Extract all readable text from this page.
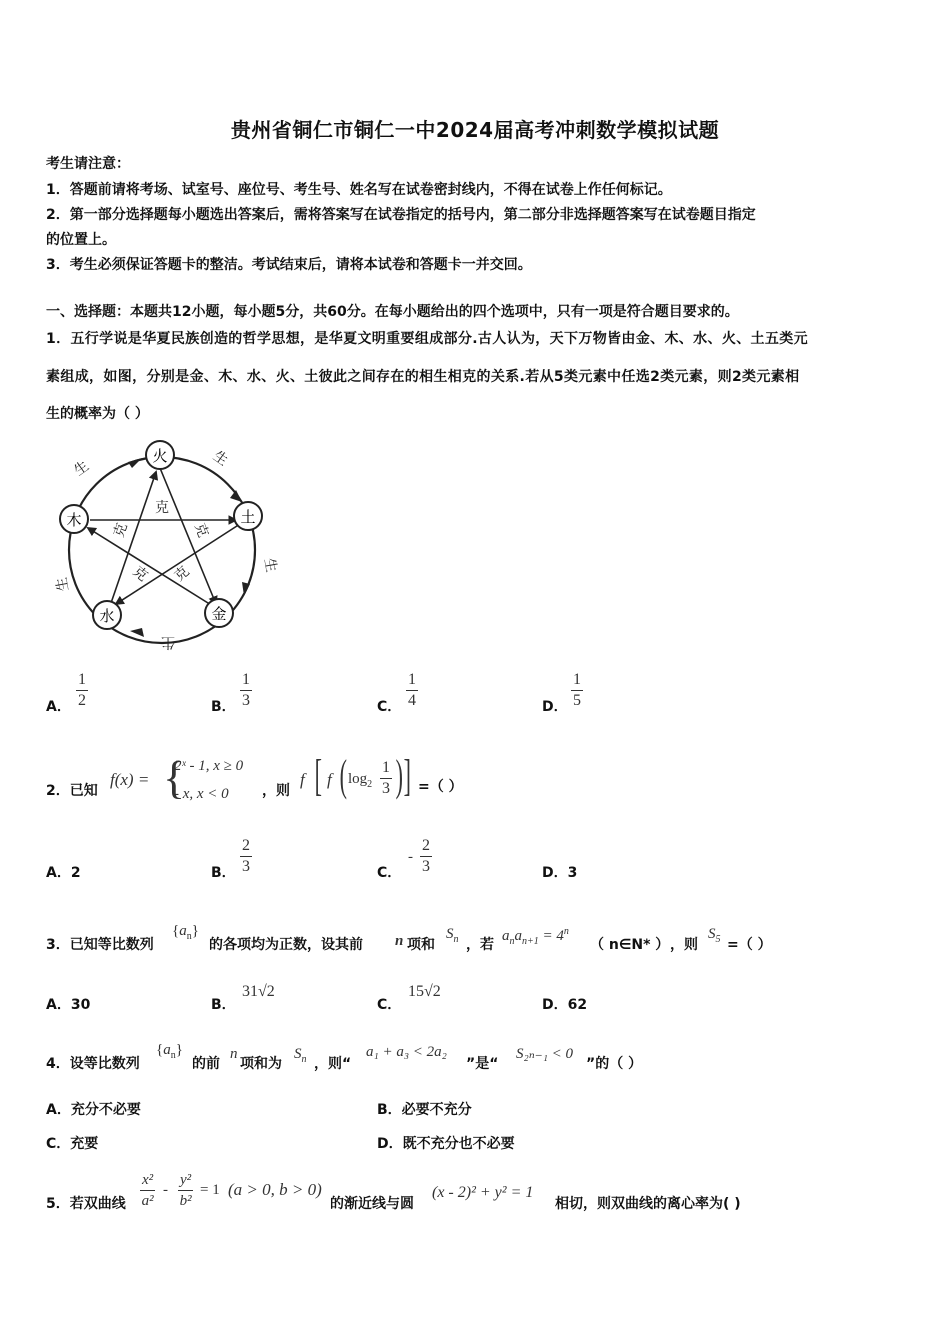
贵州省铜仁市铜仁一中2024届高考冲刺数学模拟试题
考生请注意：
1．答题前请将考场、试室号、座位号、考生号、姓名写在试卷密封线内，不得在试卷上作任何标记。
2．第一部分选择题每小题选出答案后，需将答案写在试卷指定的括号内，第二部分非选择题答案写在试卷题目指定
的位置上。
3．考生必须保证答题卡的整洁。考试结束后，请将本试卷和答题卡一并交回。
一、选择题：本题共12小题，每小题5分，共60分。在每小题给出的四个选项中，只有一项是符合题目要求的。
1．五行学说是华夏民族创造的哲学思想，是华夏文明重要组成部分.古人认为，天下万物皆由金、木、水、火、土五类元
素组成，如图，分别是金、木、水、火、土彼此之间存在的相生相克的关系.若从5类元素中任选2类元素，则2类元素相
生的概率为（ ）
火
土
金
水
木
生	生
生
生
生
克
克	克
克 克
A． $\frac{1}{2}$	B． $\frac{1}{3}$	C． $\frac{1}{4}$	D． $\frac{1}{5}$
2．已知
f(x) = {
2ˣ - 1, x ≥ 0
- x, x < 0 ，则
f [ f ( $\log_2 \frac{1}{3}$ ) ] =（ ）
A．2	B． $\frac{2}{3}$	C．
- $\frac{2}{3}$	D．3
3．已知等比数列
$\{a_n\}$
的各项均为正数，设其前 n 项和
$S_n$ ，若
$a_na_{n+1} = 4^n$
（ n∈N* ） ，则
$S_5$ =（ ）
A．30	B．
31√2
C．
15√2
D．62
4．设等比数列
$\{a_n\}$
的前
n
项和为
$S_n$ ，则“
a₁ + a₃ < 2a₂
”是“
S₂ₙ₋₁ < 0
”的（ ）
A．充分不必要	B．必要不充分
C．充要	D．既不充分也不必要
5．若双曲线 $\frac{\text{x²}}{\text{a²}} - \frac{\text{y²}}{\text{b²}} = 1$ (a > 0, b > 0)
的渐近线与圆
(x - 2)² + y² = 1
相切，则双曲线的离心率为( )
